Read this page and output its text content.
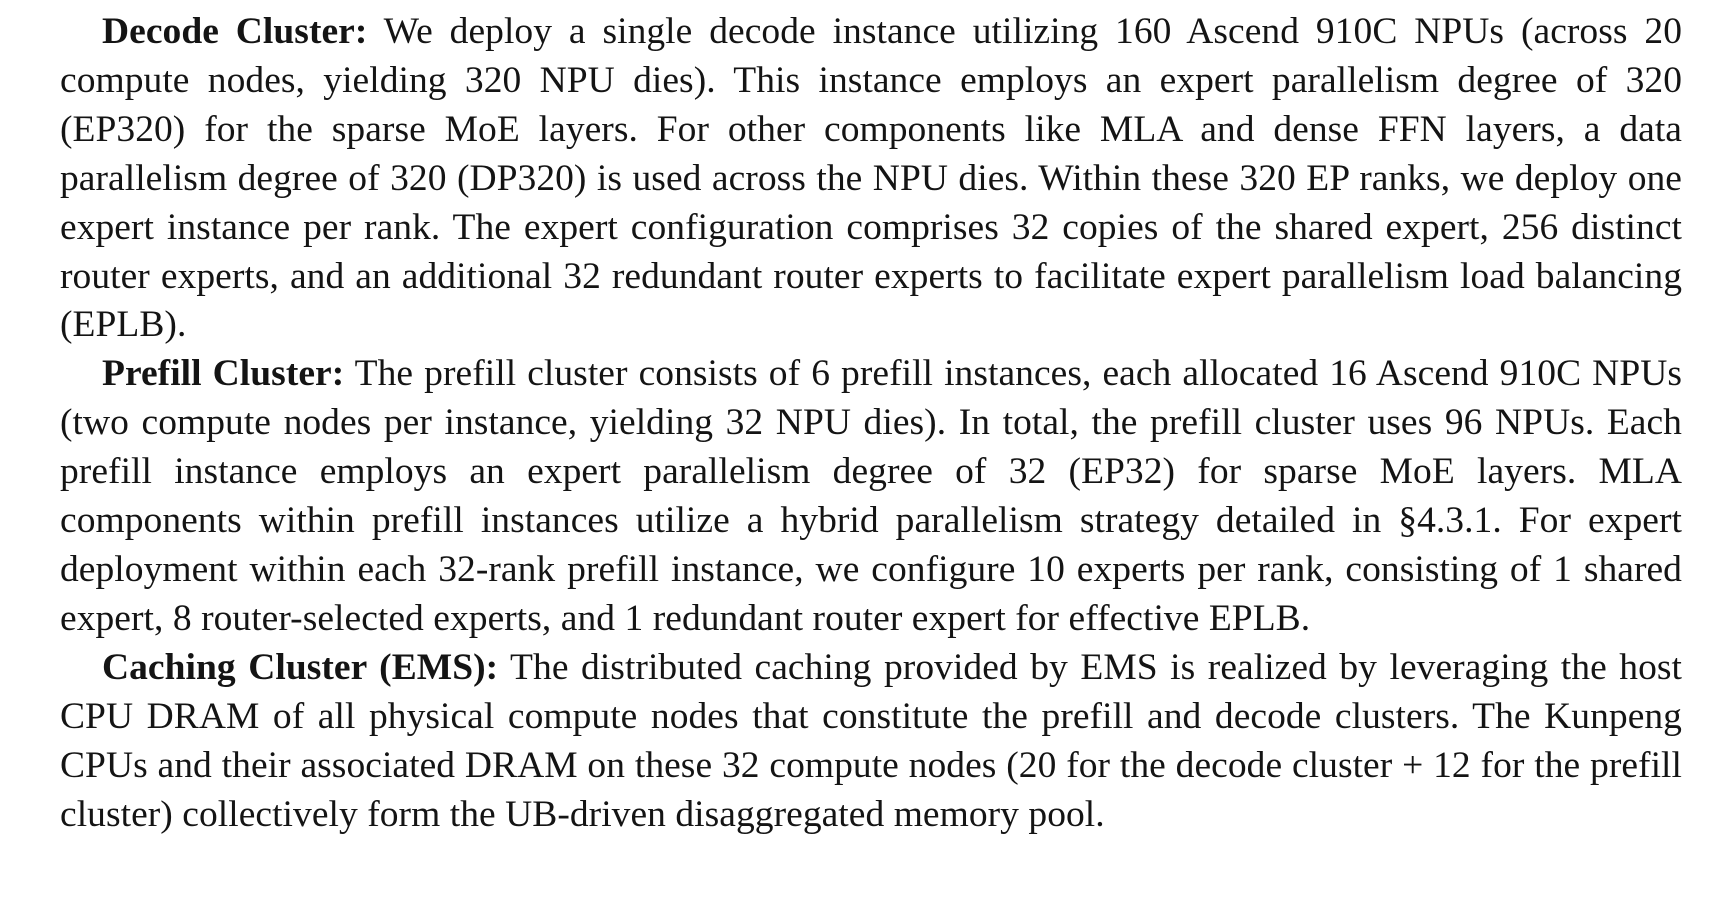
Decode Cluster: We deploy a single decode instance utilizing 160 Ascend 910C NPUs (across 20 compute nodes, yielding 320 NPU dies). This instance employs an expert parallelism degree of 320 (EP320) for the sparse MoE layers. For other components like MLA and dense FFN layers, a data parallelism degree of 320 (DP320) is used across the NPU dies. Within these 320 EP ranks, we deploy one expert instance per rank. The expert configuration comprises 32 copies of the shared expert, 256 distinct router experts, and an additional 32 redundant router experts to facilitate expert parallelism load balancing (EPLB).

Prefill Cluster: The prefill cluster consists of 6 prefill instances, each allocated 16 Ascend 910C NPUs (two compute nodes per instance, yielding 32 NPU dies). In total, the prefill cluster uses 96 NPUs. Each prefill instance employs an expert parallelism degree of 32 (EP32) for sparse MoE layers. MLA components within prefill instances utilize a hybrid parallelism strategy detailed in §4.3.1. For expert deployment within each 32-rank prefill instance, we configure 10 experts per rank, consisting of 1 shared expert, 8 router-selected experts, and 1 redundant router expert for effective EPLB.

Caching Cluster (EMS): The distributed caching provided by EMS is realized by leveraging the host CPU DRAM of all physical compute nodes that constitute the prefill and decode clusters. The Kunpeng CPUs and their associated DRAM on these 32 compute nodes (20 for the decode cluster + 12 for the prefill cluster) collectively form the UB-driven disaggregated memory pool.
